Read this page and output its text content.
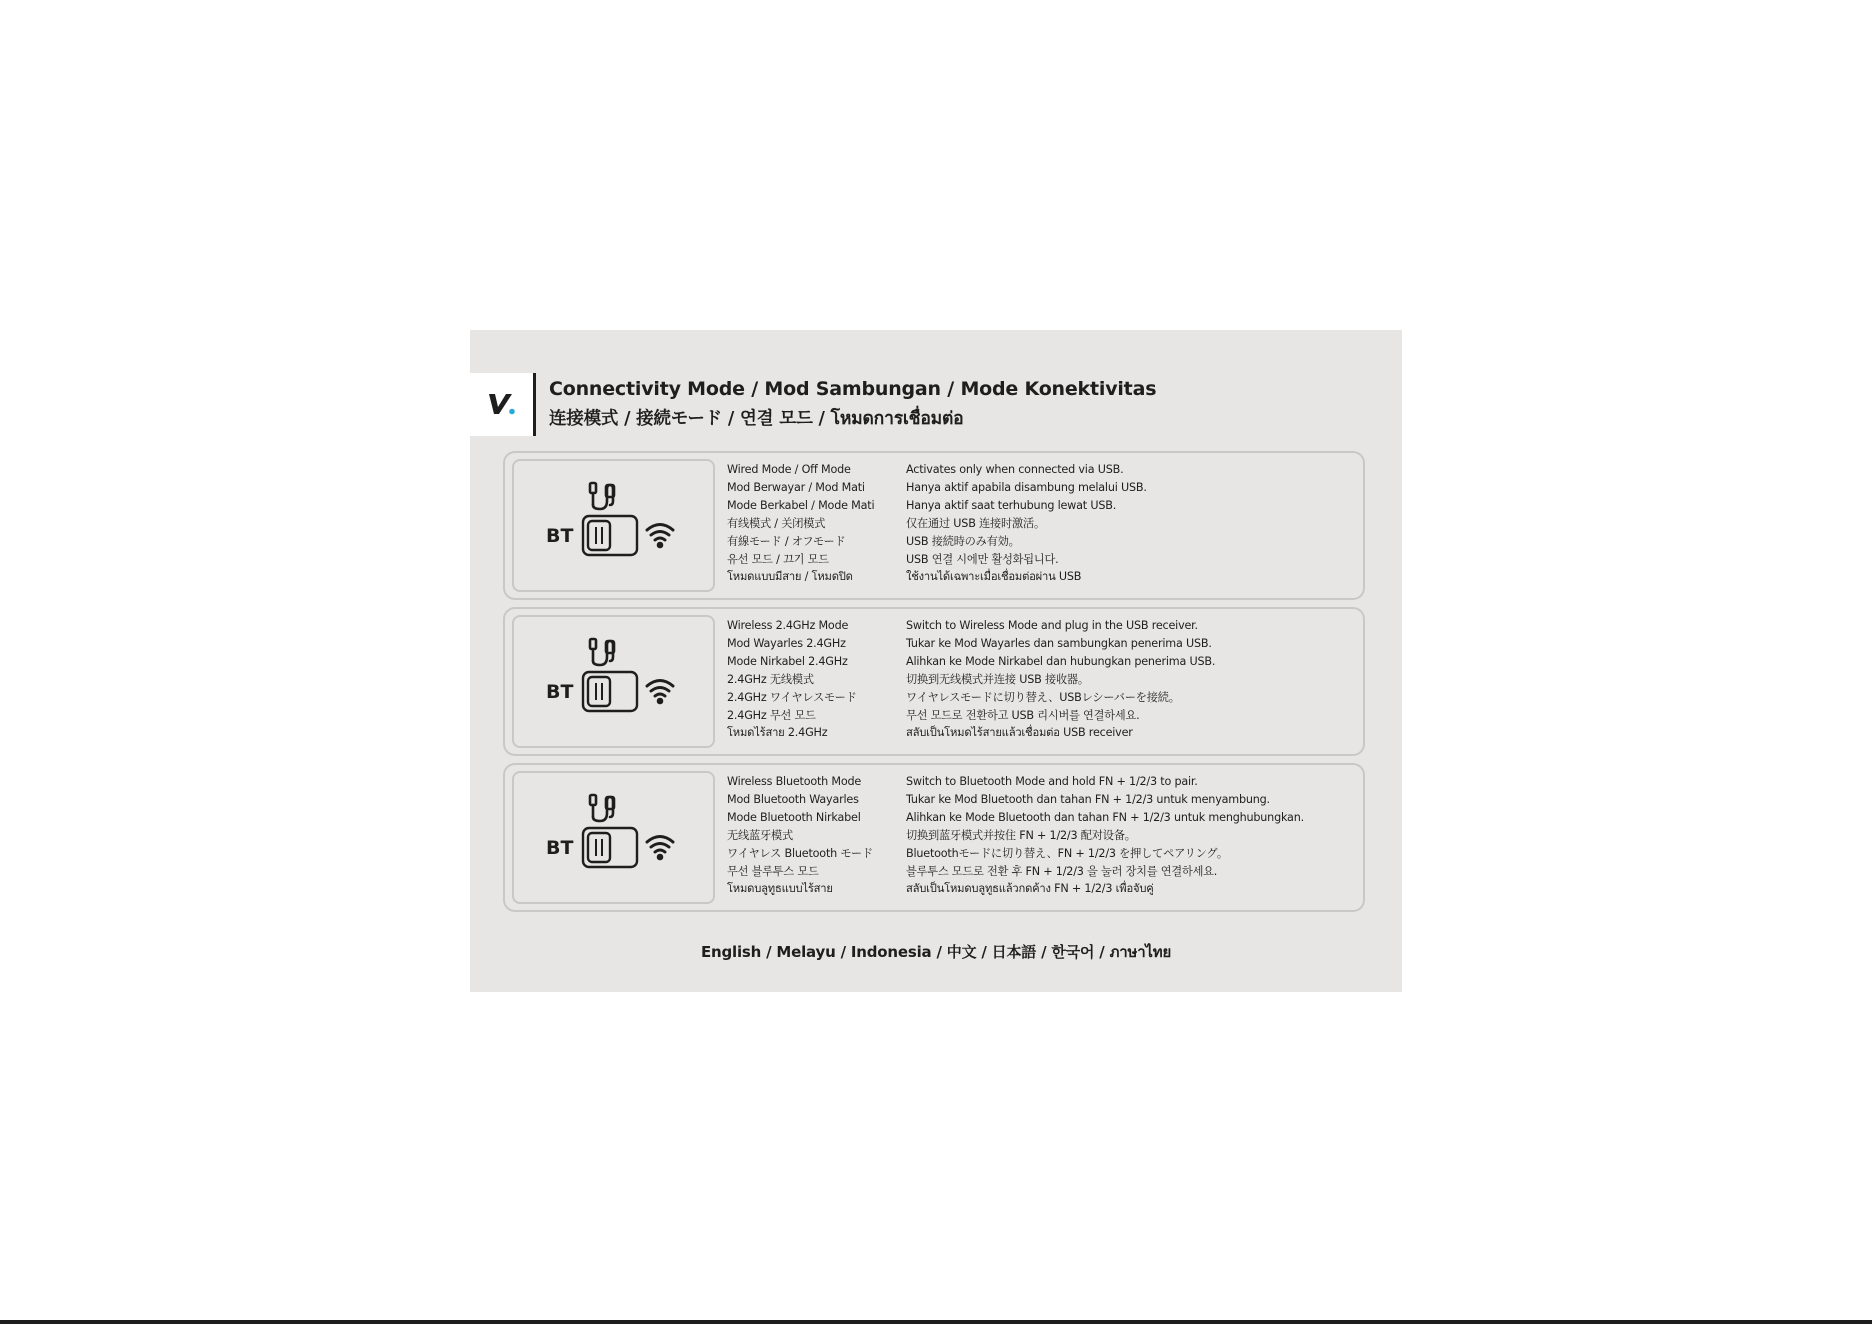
Connectivity Mode / Mod Sambungan / Mode Konektivitas
连接模式 / 接続モード / 연결 모드 / โหมดการเชื่อมต่อ
BT
Wired Mode / Off Mode
Mod Berwayar / Mod Mati
Mode Berkabel / Mode Mati
有线模式 / 关闭模式
有線モード / オフモード
유선 모드 / 끄기 모드
โหมดแบบมีสาย / โหมดปิด
Activates only when connected via USB.
Hanya aktif apabila disambung melalui USB.
Hanya aktif saat terhubung lewat USB.
仅在通过 USB 连接时激活。
USB 接続時のみ有効。
USB 연결 시에만 활성화됩니다.
ใช้งานได้เฉพาะเมื่อเชื่อมต่อผ่าน USB
BT
Wireless 2.4GHz Mode
Mod Wayarles 2.4GHz
Mode Nirkabel 2.4GHz
2.4GHz 无线模式
2.4GHz ワイヤレスモード
2.4GHz 무선 모드
โหมดไร้สาย 2.4GHz
Switch to Wireless Mode and plug in the USB receiver.
Tukar ke Mod Wayarles dan sambungkan penerima USB.
Alihkan ke Mode Nirkabel dan hubungkan penerima USB.
切换到无线模式并连接 USB 接收器。
ワイヤレスモードに切り替え、USBレシーバーを接続。
무선 모드로 전환하고 USB 리시버를 연결하세요.
สลับเป็นโหมดไร้สายแล้วเชื่อมต่อ USB receiver
BT
Wireless Bluetooth Mode
Mod Bluetooth Wayarles
Mode Bluetooth Nirkabel
无线蓝牙模式
ワイヤレス Bluetooth モード
무선 블루투스 모드
โหมดบลูทูธแบบไร้สาย
Switch to Bluetooth Mode and hold FN + 1/2/3 to pair.
Tukar ke Mod Bluetooth dan tahan FN + 1/2/3 untuk menyambung.
Alihkan ke Mode Bluetooth dan tahan FN + 1/2/3 untuk menghubungkan.
切换到蓝牙模式并按住 FN + 1/2/3 配对设备。
Bluetoothモードに切り替え、FN + 1/2/3 を押してペアリング。
블루투스 모드로 전환 후 FN + 1/2/3 을 눌러 장치를 연결하세요.
สลับเป็นโหมดบลูทูธแล้วกดค้าง FN + 1/2/3 เพื่อจับคู่
English / Melayu / Indonesia / 中文 / 日本語 / 한국어 / ภาษาไทย
